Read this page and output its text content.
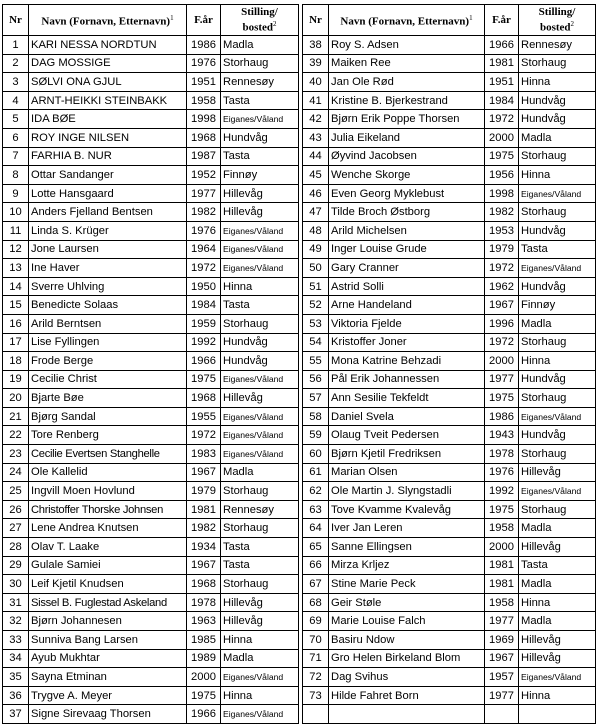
Nr	Navn (Fornavn, Etternavn)$^1$	F.år	Stilling/
bosted$^2$
1	KARI NESSA NORDTUN	1986	Madla
2	DAG MOSSIGE	1976	Storhaug
3	SØLVI ONA GJUL	1951	Rennesøy
4	ARNT-HEIKKI STEINBAKK	1958	Tasta
5	IDA BØE	1998	Eiganes/Våland
6	ROY INGE NILSEN	1968	Hundvåg
7	FARHIA B. NUR	1987	Tasta
8	Ottar Sandanger	1952	Finnøy
9	Lotte Hansgaard	1977	Hillevåg
10	Anders Fjelland Bentsen	1982	Hillevåg
11	Linda S. Krüger	1976	Eiganes/Våland
12	Jone Laursen	1964	Eiganes/Våland
13	Ine Haver	1972	Eiganes/Våland
14	Sverre Uhlving	1950	Hinna
15	Benedicte Solaas	1984	Tasta
16	Arild Berntsen	1959	Storhaug
17	Lise Fyllingen	1992	Hundvåg
18	Frode Berge	1966	Hundvåg
19	Cecilie Christ	1975	Eiganes/Våland
20	Bjarte Bøe	1968	Hillevåg
21	Bjørg Sandal	1955	Eiganes/Våland
22	Tore Renberg	1972	Eiganes/Våland
23	Cecilie Evertsen Stanghelle	1983	Eiganes/Våland
24	Ole Kallelid	1967	Madla
25	Ingvill Moen Hovlund	1979	Storhaug
26	Christoffer Thorske Johnsen	1981	Rennesøy
27	Lene Andrea Knutsen	1982	Storhaug
28	Olav T. Laake	1934	Tasta
29	Gulale Samiei	1967	Tasta
30	Leif Kjetil Knudsen	1968	Storhaug
31	Sissel B. Fuglestad Askeland	1978	Hillevåg
32	Bjørn Johannesen	1963	Hillevåg
33	Sunniva Bang Larsen	1985	Hinna
34	Ayub Mukhtar	1989	Madla
35	Sayna Etminan	2000	Eiganes/Våland
36	Trygve A. Meyer	1975	Hinna
37	Signe Sirevaag Thorsen	1966	Eiganes/Våland
Nr	Navn (Fornavn, Etternavn)$^1$	F.år	Stilling/
bosted$^2$
38	Roy S. Adsen	1966	Rennesøy
39	Maiken Ree	1981	Storhaug
40	Jan Ole Rød	1951	Hinna
41	Kristine B. Bjerkestrand	1984	Hundvåg
42	Bjørn Erik Poppe Thorsen	1972	Hundvåg
43	Julia Eikeland	2000	Madla
44	Øyvind Jacobsen	1975	Storhaug
45	Wenche Skorge	1956	Hinna
46	Even Georg Myklebust	1998	Eiganes/Våland
47	Tilde Broch Østborg	1982	Storhaug
48	Arild Michelsen	1953	Hundvåg
49	Inger Louise Grude	1979	Tasta
50	Gary Cranner	1972	Eiganes/Våland
51	Astrid Solli	1962	Hundvåg
52	Arne Handeland	1967	Finnøy
53	Viktoria Fjelde	1996	Madla
54	Kristoffer Joner	1972	Storhaug
55	Mona Katrine Behzadi	2000	Hinna
56	Pål Erik Johannessen	1977	Hundvåg
57	Ann Sesilie Tekfeldt	1975	Storhaug
58	Daniel Svela	1986	Eiganes/Våland
59	Olaug Tveit Pedersen	1943	Hundvåg
60	Bjørn Kjetil Fredriksen	1978	Storhaug
61	Marian Olsen	1976	Hillevåg
62	Ole Martin J. Slyngstadli	1992	Eiganes/Våland
63	Tove Kvamme Kvalevåg	1975	Storhaug
64	Iver Jan Leren	1958	Madla
65	Sanne Ellingsen	2000	Hillevåg
66	Mirza Krljez	1981	Tasta
67	Stine Marie Peck	1981	Madla
68	Geir Støle	1958	Hinna
69	Marie Louise Falch	1977	Madla
70	Basiru Ndow	1969	Hillevåg
71	Gro Helen Birkeland Blom	1967	Hillevåg
72	Dag Svihus	1957	Eiganes/Våland
73	Hilde Fahret Born	1977	Hinna
